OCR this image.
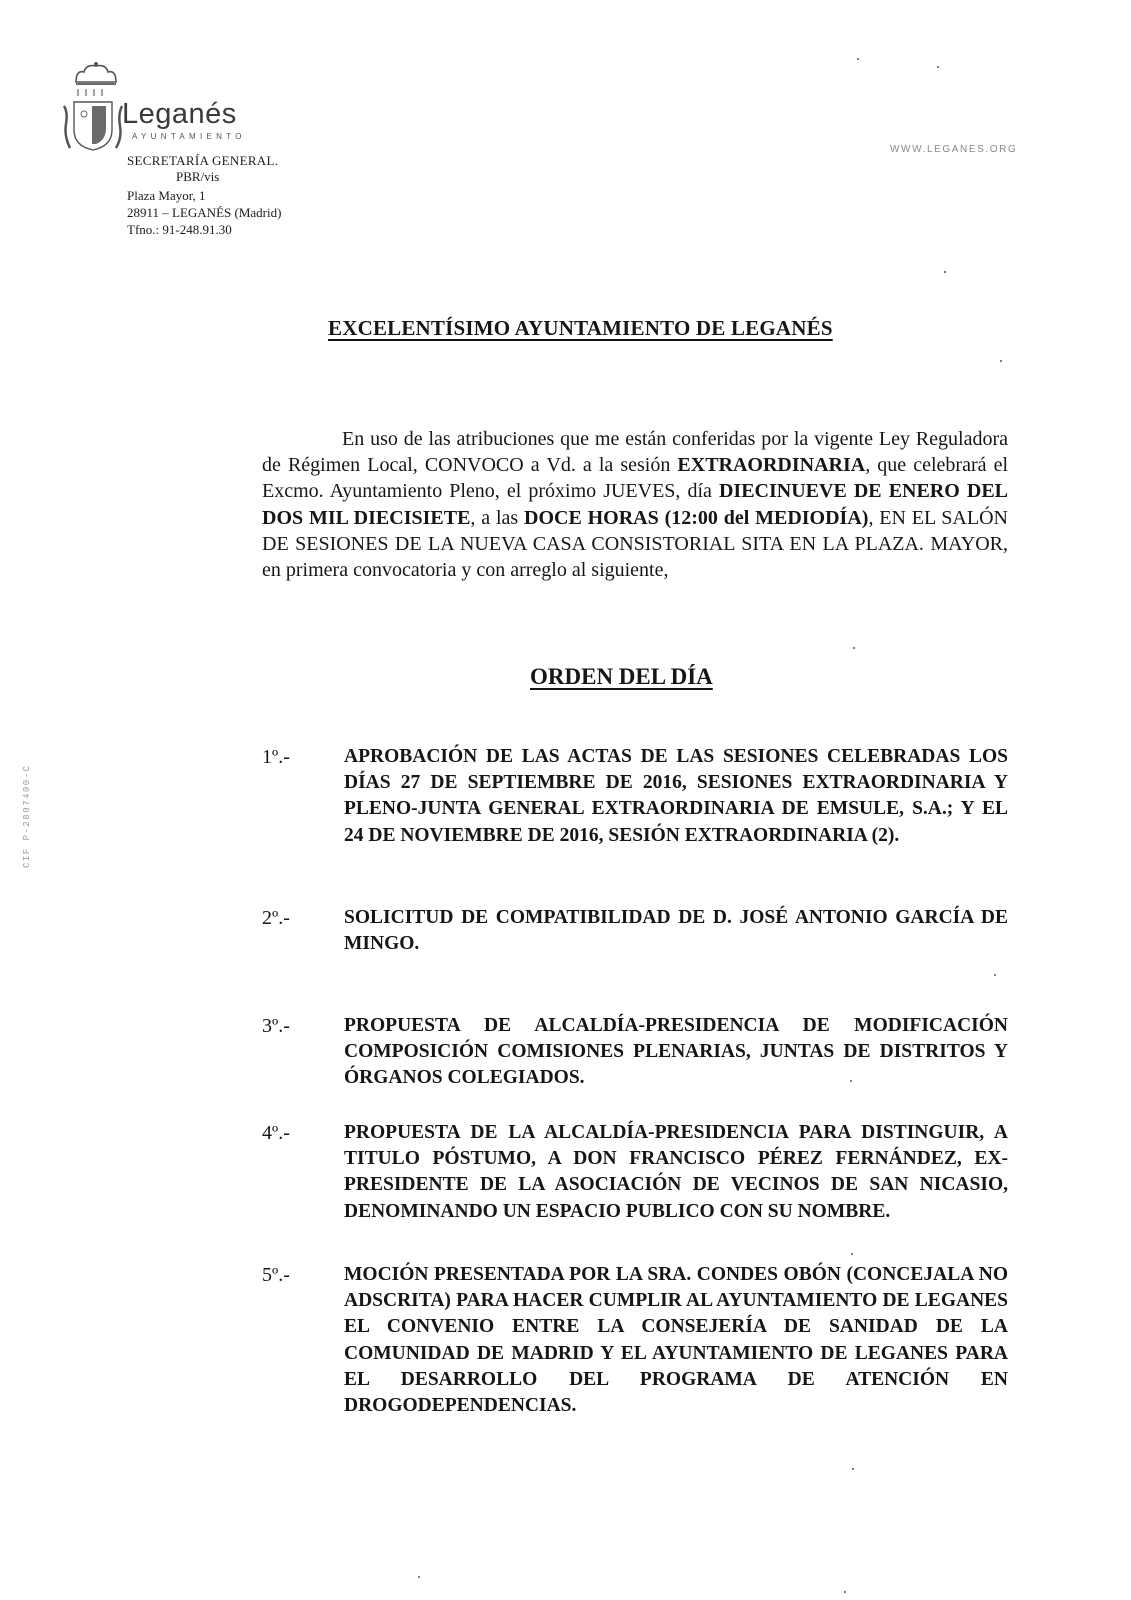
Leganés
AYUNTAMIENTO
SECRETARÍA GENERAL.
PBR/vis
Plaza Mayor, 1
28911 – LEGANÉS (Madrid)
Tfno.: 91-248.91.30
WWW.LEGANES.ORG
CIF P-2807400-C
EXCELENTÍSIMO AYUNTAMIENTO DE LEGANÉS
En uso de las atribuciones que me están conferidas por la vigente Ley Reguladora de Régimen Local, CONVOCO a Vd. a la sesión EXTRAORDINARIA, que celebrará el Excmo. Ayuntamiento Pleno, el próximo JUEVES, día DIECINUEVE DE ENERO DEL DOS MIL DIECISIETE, a las DOCE HORAS (12:00 del MEDIODÍA), EN EL SALÓN DE SESIONES DE LA NUEVA CASA CONSISTORIAL SITA EN LA PLAZA. MAYOR, en primera convocatoria y con arreglo al siguiente,
ORDEN DEL DÍA
1º.-	APROBACIÓN DE LAS ACTAS DE LAS SESIONES CELEBRADAS LOS DÍAS 27 DE SEPTIEMBRE DE 2016, SESIONES EXTRAORDINARIA Y PLENO-JUNTA GENERAL EXTRAORDINARIA DE EMSULE, S.A.; Y EL 24 DE NOVIEMBRE DE 2016, SESIÓN EXTRAORDINARIA (2).
2º.-	SOLICITUD DE COMPATIBILIDAD DE D. JOSÉ ANTONIO GARCÍA DE MINGO.
3º.-	PROPUESTA DE ALCALDÍA-PRESIDENCIA DE MODIFICACIÓN COMPOSICIÓN COMISIONES PLENARIAS, JUNTAS DE DISTRITOS Y ÓRGANOS COLEGIADOS.
4º.-	PROPUESTA DE LA ALCALDÍA-PRESIDENCIA PARA DISTINGUIR, A TITULO PÓSTUMO, A DON FRANCISCO PÉREZ FERNÁNDEZ, EX-PRESIDENTE DE LA ASOCIACIÓN DE VECINOS DE SAN NICASIO, DENOMINANDO UN ESPACIO PUBLICO CON SU NOMBRE.
5º.-	MOCIÓN PRESENTADA POR LA SRA. CONDES OBÓN (CONCEJALA NO ADSCRITA) PARA HACER CUMPLIR AL AYUNTAMIENTO DE LEGANES EL CONVENIO ENTRE LA CONSEJERÍA DE SANIDAD DE LA COMUNIDAD DE MADRID Y EL AYUNTAMIENTO DE LEGANES PARA EL DESARROLLO DEL PROGRAMA DE ATENCIÓN EN DROGODEPENDENCIAS.
